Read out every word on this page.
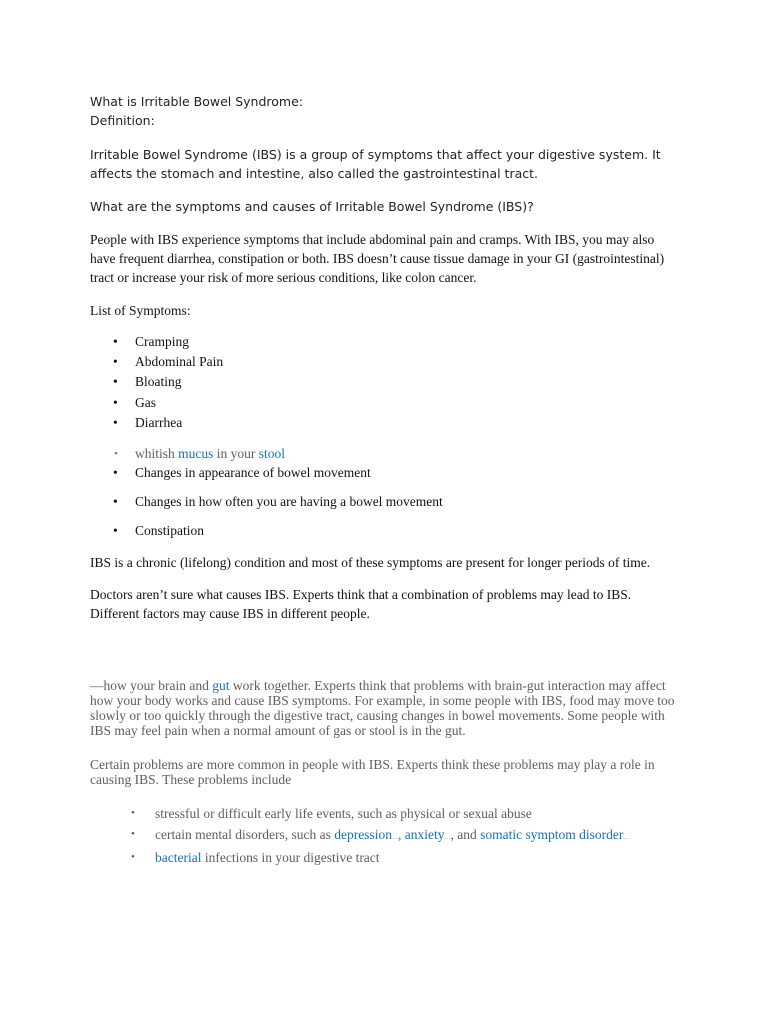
What is Irritable Bowel Syndrome:

Definition:

Irritable Bowel Syndrome (IBS) is a group of symptoms that affect your digestive system. It affects the stomach and intestine, also called the gastrointestinal tract.

What are the symptoms and causes of Irritable Bowel Syndrome (IBS)?

People with IBS experience symptoms that include abdominal pain and cramps. With IBS, you may also have frequent diarrhea, constipation or both. IBS doesn’t cause tissue damage in your GI (gastrointestinal) tract or increase your risk of more serious conditions, like colon cancer.

List of Symptoms:

• Cramping
• Abdominal Pain
• Bloating
• Gas
• Diarrhea
• whitish mucus in your stool
• Changes in appearance of bowel movement
• Changes in how often you are having a bowel movement
• Constipation

IBS is a chronic (lifelong) condition and most of these symptoms are present for longer periods of time.

Doctors aren’t sure what causes IBS. Experts think that a combination of problems may lead to IBS. Different factors may cause IBS in different people.

—how your brain and gut work together. Experts think that problems with brain-gut interaction may affect how your body works and cause IBS symptoms. For example, in some people with IBS, food may move too slowly or too quickly through the digestive tract, causing changes in bowel movements. Some people with IBS may feel pain when a normal amount of gas or stool is in the gut.

Certain problems are more common in people with IBS. Experts think these problems may play a role in causing IBS. These problems include

• stressful or difficult early life events, such as physical or sexual abuse
• certain mental disorders, such as depression..., anxiety..., and somatic symptom disorder...
• bacterial infections in your digestive tract
